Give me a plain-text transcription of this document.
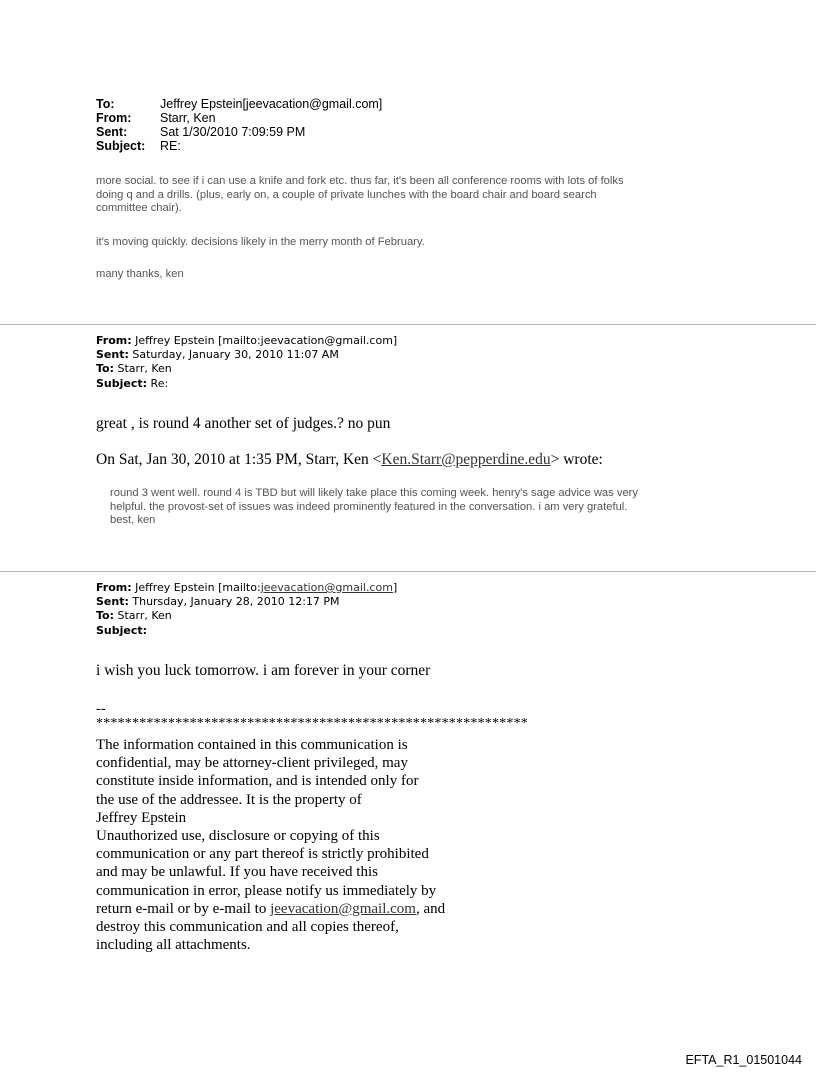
To:	Jeffrey Epstein[jeevacation@gmail.com]
From:	Starr, Ken
Sent:	Sat 1/30/2010 7:09:59 PM
Subject:	RE:
more social. to see if i can use a knife and fork etc. thus far, it's been all conference rooms with lots of folks
doing q and a drills. (plus, early on, a couple of private lunches with the board chair and board search
committee chair).
it's moving quickly. decisions likely in the merry month of February.
many thanks, ken
From: Jeffrey Epstein [mailto:jeevacation@gmail.com]
Sent: Saturday, January 30, 2010 11:07 AM
To: Starr, Ken
Subject: Re:
great , is round 4 another set of judges.? no pun
On Sat, Jan 30, 2010 at 1:35 PM, Starr, Ken <Ken.Starr@pepperdine.edu> wrote:
round 3 went well. round 4 is TBD but will likely take place this coming week. henry's sage advice was very
helpful. the provost-set of issues was indeed prominently featured in the conversation. i am very grateful.
best, ken
From: Jeffrey Epstein [mailto:jeevacation@gmail.com]
Sent: Thursday, January 28, 2010 12:17 PM
To: Starr, Ken
Subject:
i wish you luck tomorrow. i am forever in your corner
--
************************************************************
The information contained in this communication is
confidential, may be attorney-client privileged, may
constitute inside information, and is intended only for
the use of the addressee. It is the property of
Jeffrey Epstein
Unauthorized use, disclosure or copying of this
communication or any part thereof is strictly prohibited
and may be unlawful. If you have received this
communication in error, please notify us immediately by
return e-mail or by e-mail to jeevacation@gmail.com, and
destroy this communication and all copies thereof,
including all attachments.
EFTA_R1_01501044
